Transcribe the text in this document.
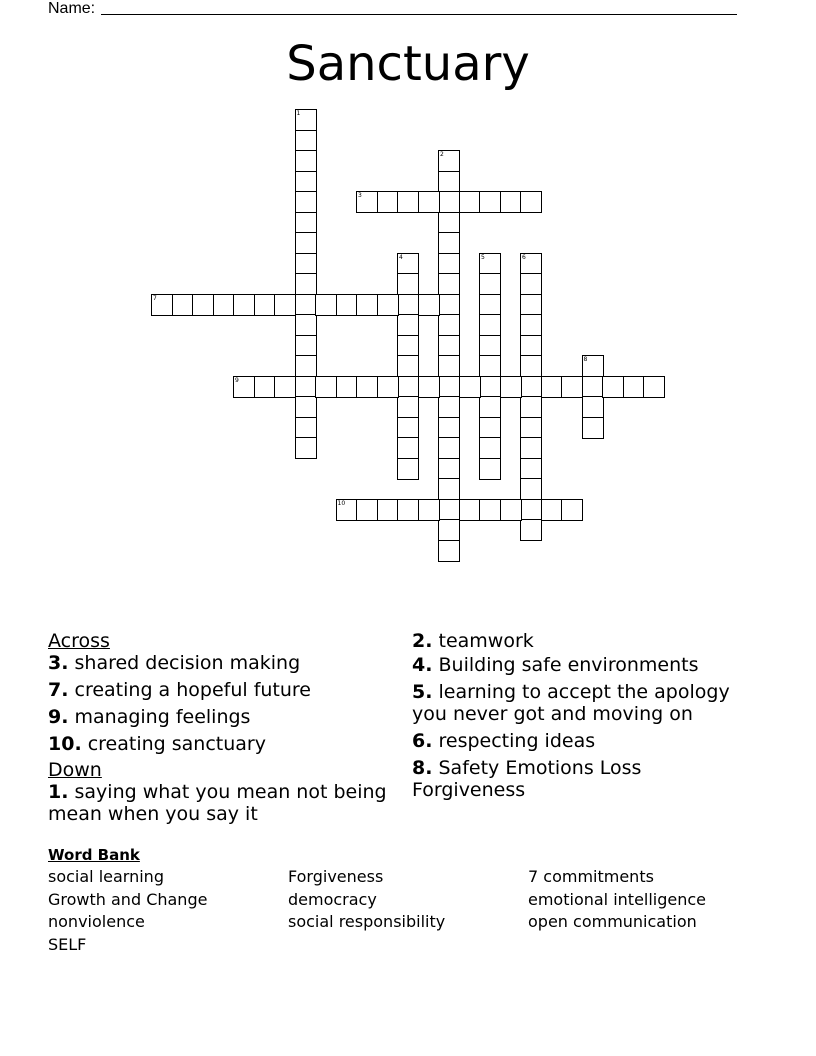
Name:
Sanctuary
1
2
3
4	5	6
7
8
9
10
Across
3. shared decision making
7. creating a hopeful future
9. managing feelings
10. creating sanctuary
Down
1. saying what you mean not being mean when you say it
2. teamwork
4. Building safe environments
5. learning to accept the apology you never got and moving on
6. respecting ideas
8. Safety Emotions Loss Forgiveness
Word Bank
social learning
Growth and Change
nonviolence
SELF
Forgiveness
democracy
social responsibility
7 commitments
emotional intelligence
open communication
